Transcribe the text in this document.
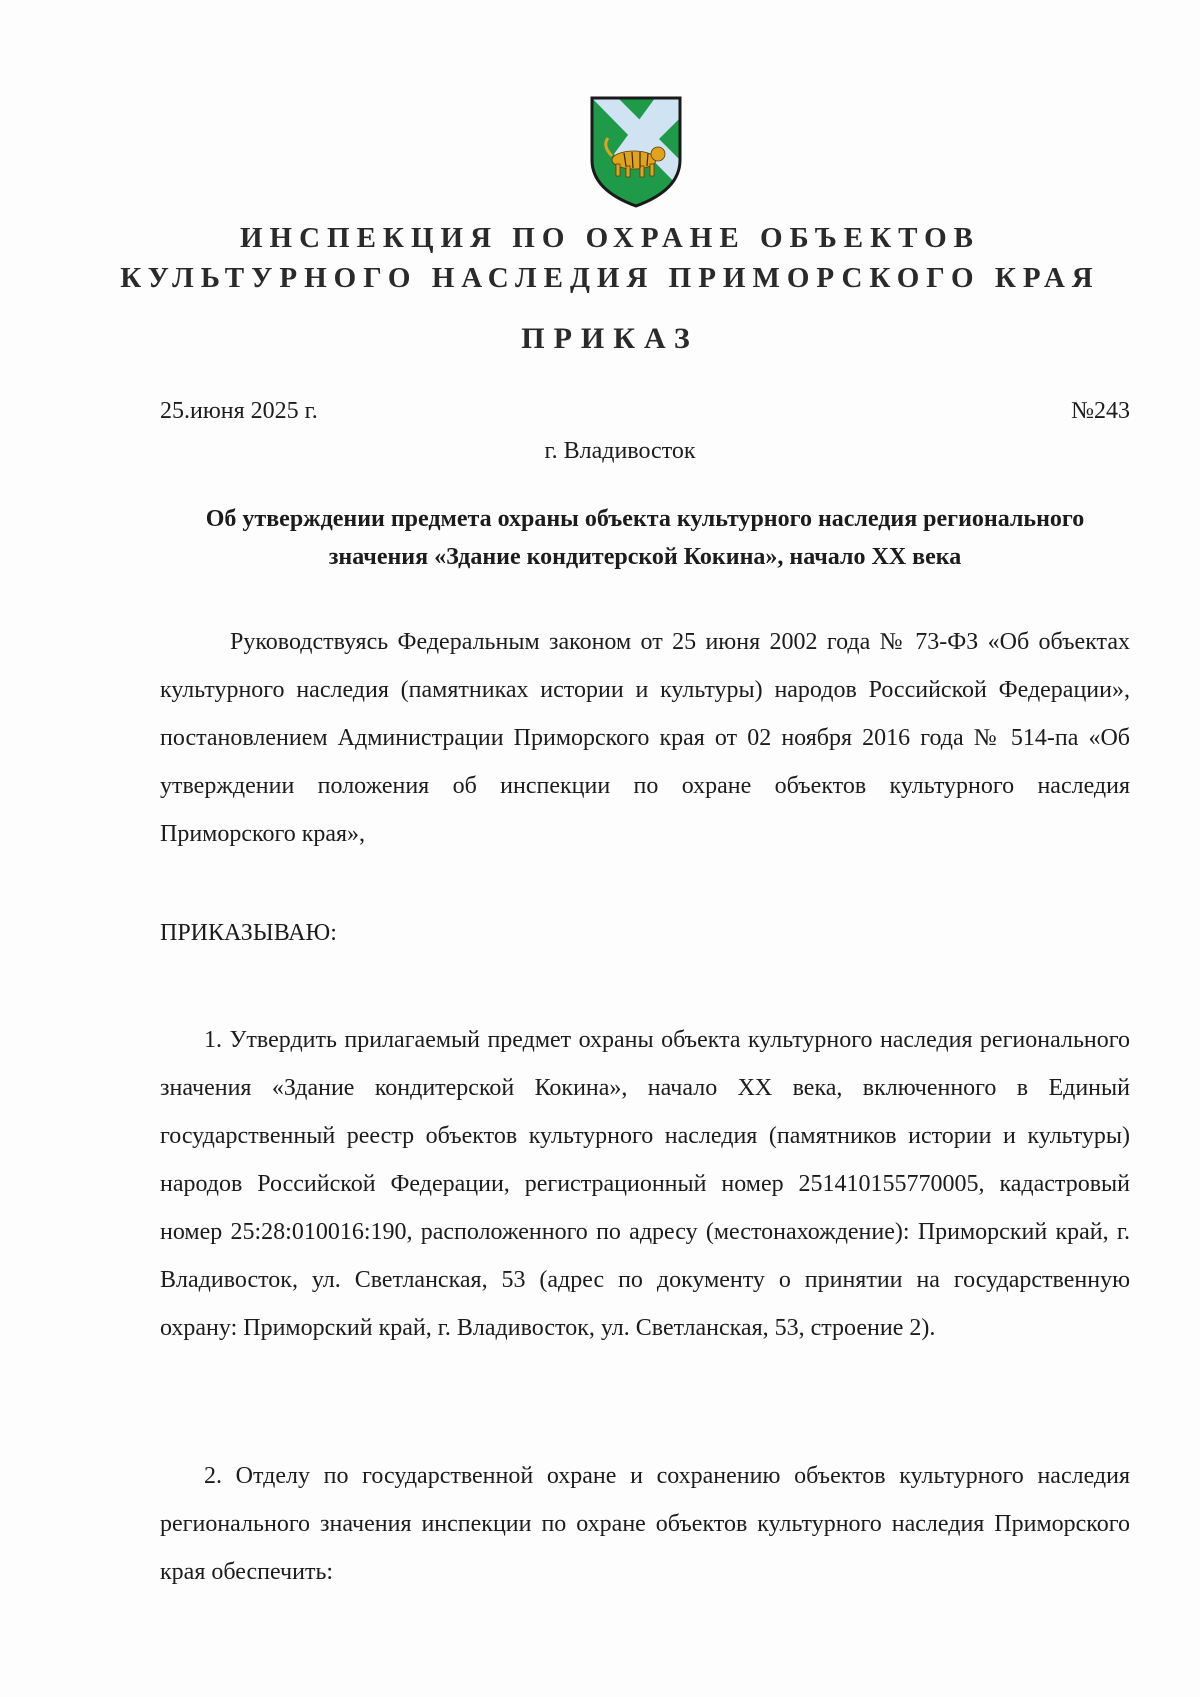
ИНСПЕКЦИЯ ПО ОХРАНЕ ОБЪЕКТОВ
КУЛЬТУРНОГО НАСЛЕДИЯ ПРИМОРСКОГО КРАЯ
ПРИКАЗ
25.июня 2025 г.	№243
г. Владивосток
Об утверждении предмета охраны объекта культурного наследия регионального значения «Здание кондитерской Кокина», начало XX века
Руководствуясь Федеральным законом от 25 июня 2002 года № 73-ФЗ «Об объектах культурного наследия (памятниках истории и культуры) народов Российской Федерации», постановлением Администрации Приморского края от 02 ноября 2016 года № 514-па «Об утверждении положения об инспекции по охране объектов культурного наследия Приморского края»,
ПРИКАЗЫВАЮ:
1. Утвердить прилагаемый предмет охраны объекта культурного наследия регионального значения «Здание кондитерской Кокина», начало XX века, включенного в Единый государственный реестр объектов культурного наследия (памятников истории и культуры) народов Российской Федерации, регистрационный номер 251410155770005, кадастровый номер 25:28:010016:190, расположенного по адресу (местонахождение): Приморский край, г. Владивосток, ул. Светланская, 53 (адрес по документу о принятии на государственную охрану: Приморский край, г. Владивосток, ул. Светланская, 53, строение 2).
2. Отделу по государственной охране и сохранению объектов культурного наследия регионального значения инспекции по охране объектов культурного наследия Приморского края обеспечить:
